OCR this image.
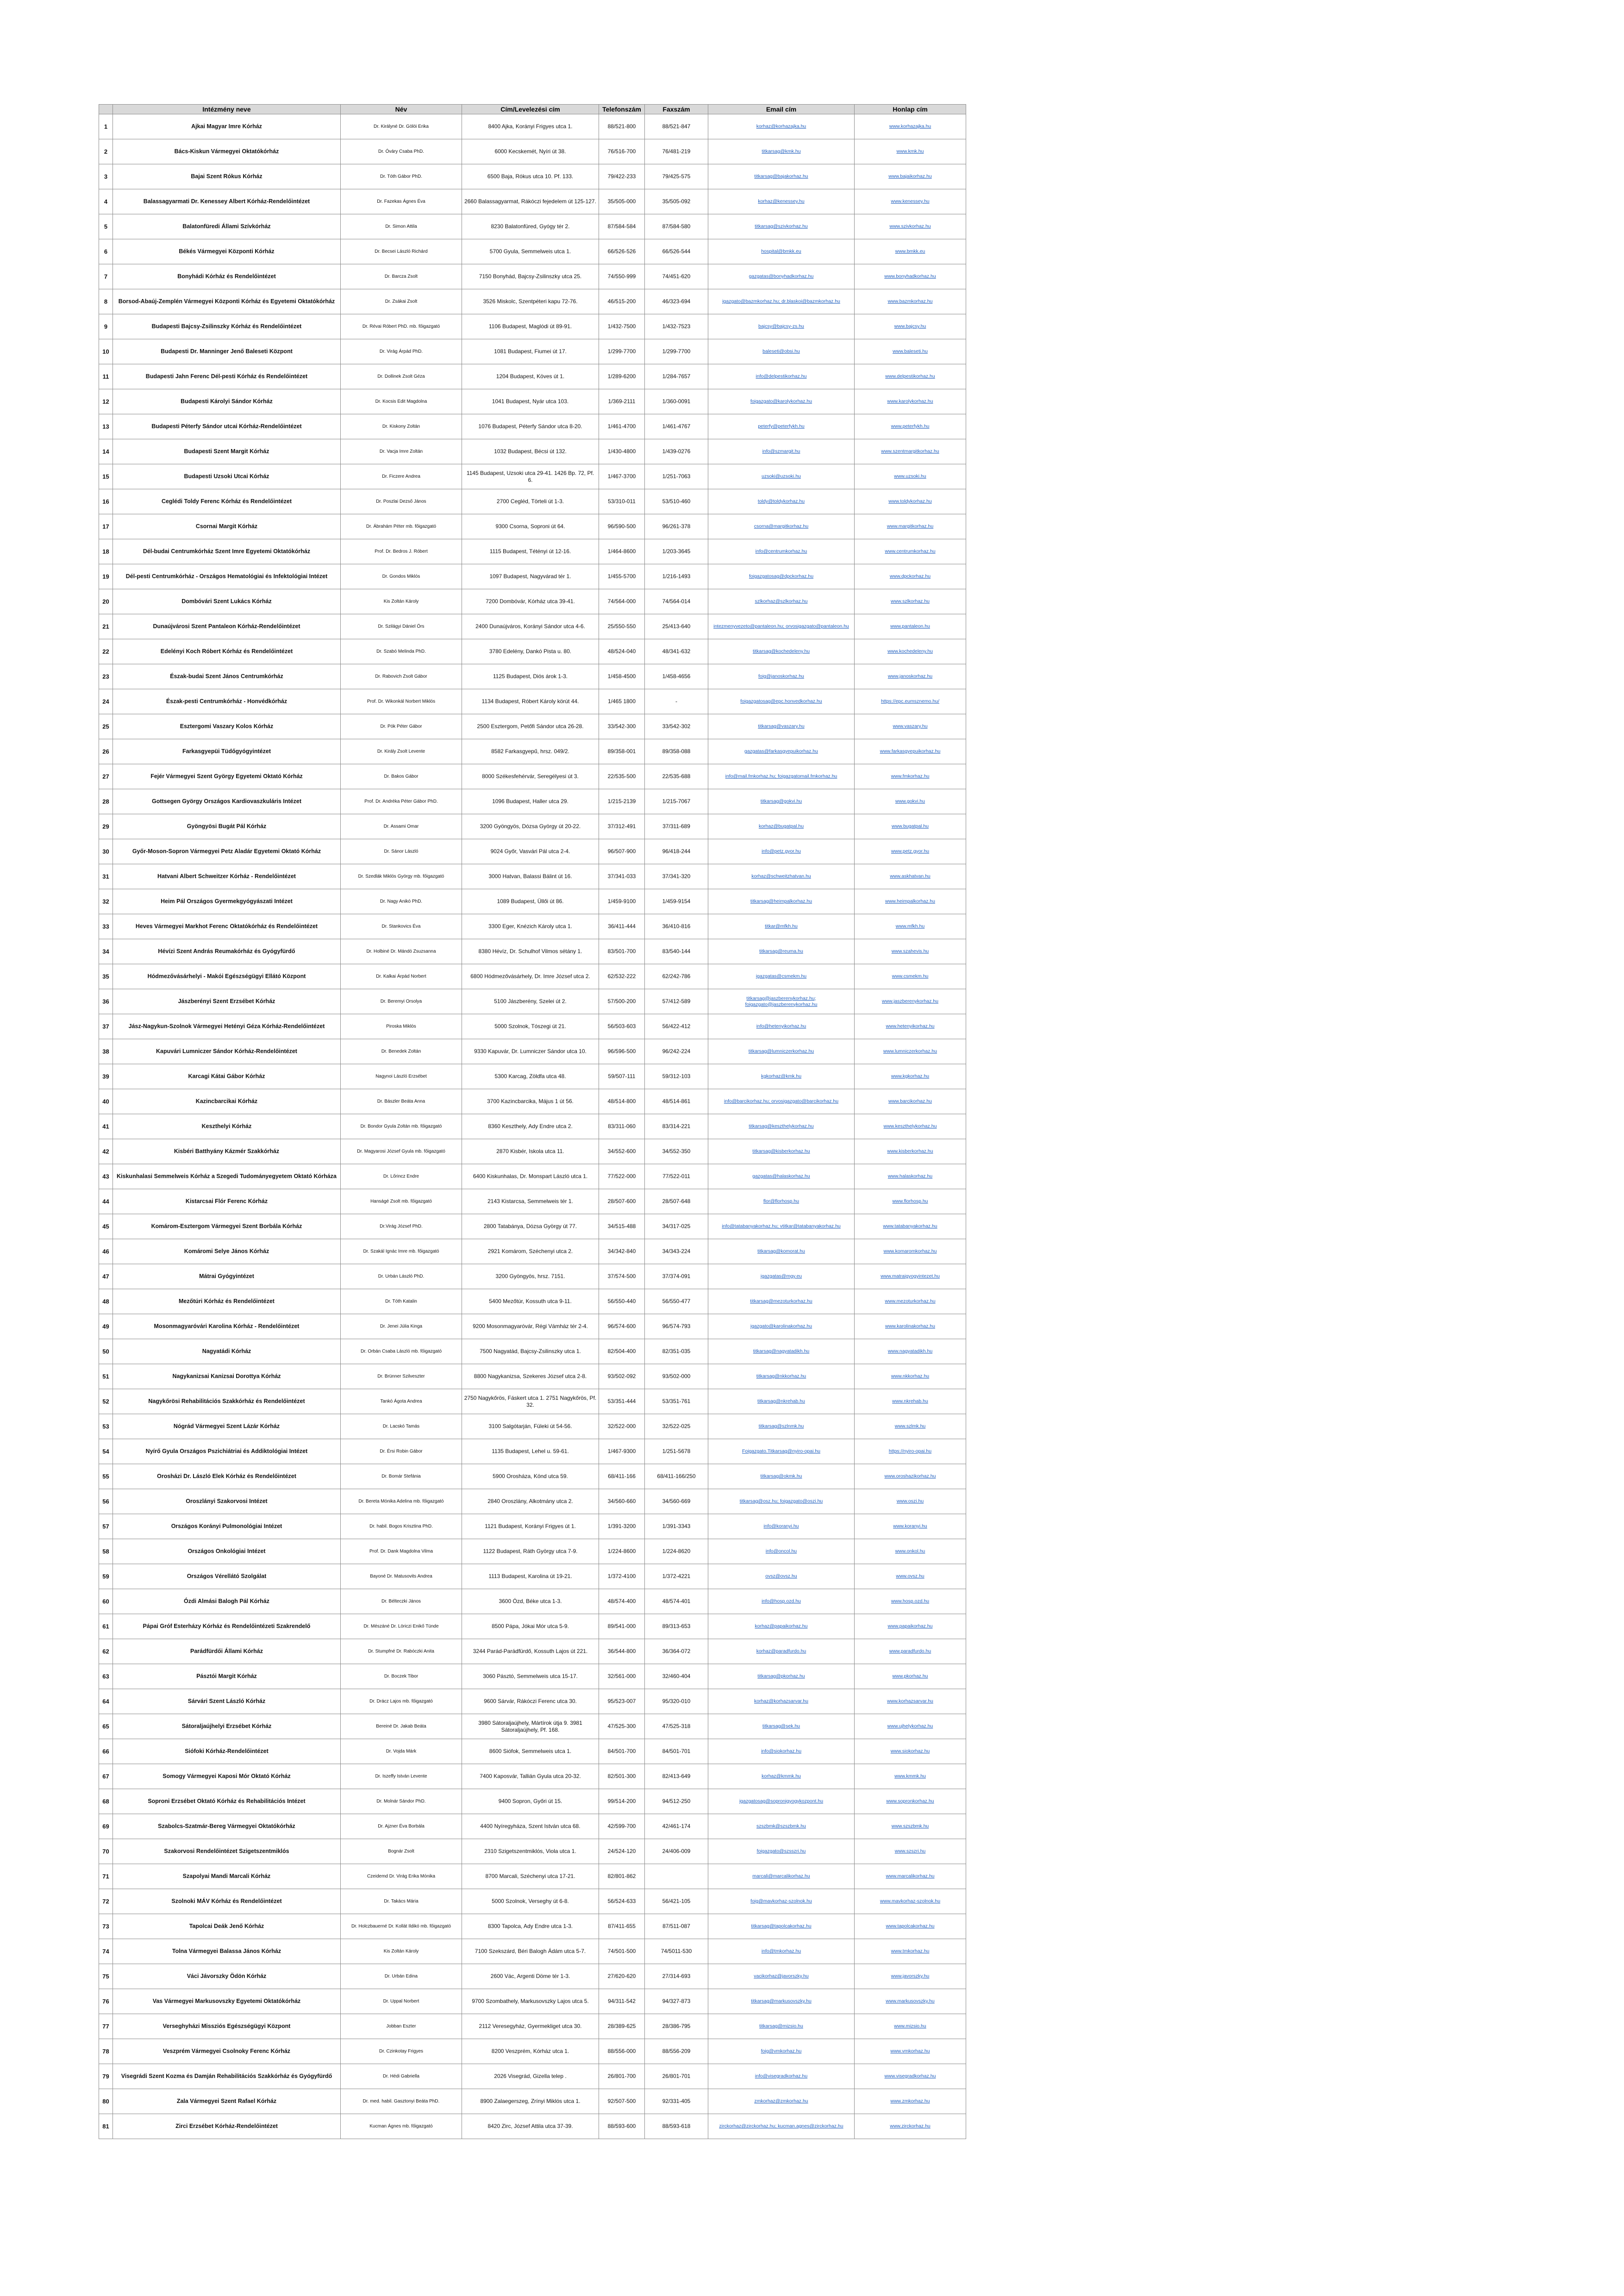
	Intézmény neve	Név	Cím/Levelezési cím	Telefonszám	Faxszám	Email cím	Honlap cím
1	Ajkai Magyar Imre Kórház	Dr. Királyné Dr. Gölöi Erika	8400 Ajka, Korányi Frigyes utca 1.	88/521-800	88/521-847	korhaz@korhazajka.hu	www.korhazajka.hu
2	Bács-Kiskun Vármegyei Oktatókórház	Dr. Óváry Csaba PhD.	6000 Kecskemét, Nyíri út 38.	76/516-700	76/481-219	titkarsag@kmk.hu	www.kmk.hu
3	Bajai Szent Rókus Kórház	Dr. Tóth Gábor PhD.	6500 Baja, Rókus utca 10. Pf. 133.	79/422-233	79/425-575	titkarsag@bajakorhaz.hu	www.bajaikorhaz.hu
4	Balassagyarmati Dr. Kenessey Albert Kórház-Rendelőintézet	Dr. Fazekas Ágnes Éva	2660 Balassagyarmat, Rákóczi fejedelem út 125-127.	35/505-000	35/505-092	korhaz@kenessey.hu	www.kenessey.hu
5	Balatonfüredi Állami Szívkórház	Dr. Simon Attila	8230 Balatonfüred, Gyógy tér 2.	87/584-584	87/584-580	titkarsag@szivkorhaz.hu	www.szivkorhaz.hu
6	Békés Vármegyei Központi Kórház	Dr. Becsei László Richárd	5700 Gyula, Semmelweis utca 1.	66/526-526	66/526-544	hospital@bmkk.eu	www.bmkk.eu
7	Bonyhádi Kórház és Rendelőintézet	Dr. Barcza Zsolt	7150 Bonyhád, Bajcsy-Zsilinszky utca 25.	74/550-999	74/451-620	gazgatas@bonyhadkorhaz.hu	www.bonyhadkorhaz.hu
8	Borsod-Abaúj-Zemplén Vármegyei Központi Kórház és Egyetemi Oktatókórház	Dr. Zsákai Zsolt	3526 Miskolc, Szentpéteri kapu 72-76.	46/515-200	46/323-694	igazgato@bazmkorhaz.hu; dr.blaskoi@bazmkorhaz.hu	www.bazmkorhaz.hu
9	Budapesti Bajcsy-Zsilinszky Kórház és Rendelőintézet	Dr. Révai Róbert PhD. mb. főigazgató	1106 Budapest, Maglódi út 89-91.	1/432-7500	1/432-7523	bajcsy@bajcsy-zs.hu	www.bajcsy.hu
10	Budapesti Dr. Manninger Jenő Baleseti Központ	Dr. Virág Árpád PhD.	1081 Budapest, Fiumei út 17.	1/299-7700	1/299-7700	baleseti@obsi.hu	www.baleseti.hu
11	Budapesti Jahn Ferenc Dél-pesti Kórház és Rendelőintézet	Dr. Dollinek Zsolt Géza	1204 Budapest, Köves út 1.	1/289-6200	1/284-7657	info@delpestikorhaz.hu	www.delpestikorhaz.hu
12	Budapesti Károlyi Sándor Kórház	Dr. Kocsis Edit Magdolna	1041 Budapest, Nyár utca 103.	1/369-2111	1/360-0091	foigazgato@karolykorhaz.hu	www.karolykorhaz.hu
13	Budapesti Péterfy Sándor utcai Kórház-Rendelőintézet	Dr. Kiskony Zoltán	1076 Budapest, Péterfy Sándor utca 8-20.	1/461-4700	1/461-4767	peterfy@peterfykh.hu	www.peterfykh.hu
14	Budapesti Szent Margit Kórház	Dr. Vacja Imre Zoltán	1032 Budapest, Bécsi út 132.	1/430-4800	1/439-0276	info@szmargit.hu	www.szentmargitkorhaz.hu
15	Budapesti Uzsoki Utcai Kórház	Dr. Ficzere Andrea	1145 Budapest, Uzsoki utca 29-41. 1426 Bp. 72, Pf. 6.	1/467-3700	1/251-7063	uzsoki@uzsoki.hu	www.uzsoki.hu
16	Ceglédi Toldy Ferenc Kórház és Rendelőintézet	Dr. Poszlai Dezső János	2700 Cegléd, Törteli út 1-3.	53/310-011	53/510-460	toldy@toldykorhaz.hu	www.toldykorhaz.hu
17	Csornai Margit Kórház	Dr. Ábrahám Péter mb. főigazgató	9300 Csorna, Soproni út 64.	96/590-500	96/261-378	csorna@margitkorhaz.hu	www.margitkorhaz.hu
18	Dél-budai Centrumkórház Szent Imre Egyetemi Oktatókórház	Prof. Dr. Bedros J. Róbert	1115 Budapest, Tétényi út 12-16.	1/464-8600	1/203-3645	info@centrumkorhaz.hu	www.centrumkorhaz.hu
19	Dél-pesti Centrumkórház - Országos Hematológiai és Infektológiai Intézet	Dr. Gondos Miklós	1097 Budapest, Nagyvárad tér 1.	1/455-5700	1/216-1493	foigazgatosag@dpckorhaz.hu	www.dpckorhaz.hu
20	Dombóvári Szent Lukács Kórház	Kis Zoltán Károly	7200 Dombóvár, Kórház utca 39-41.	74/564-000	74/564-014	szlkorhaz@szlkorhaz.hu	www.szlkorhaz.hu
21	Dunaújvárosi Szent Pantaleon Kórház-Rendelőintézet	Dr. Szilágyi Dániel Örs	2400 Dunaújváros, Korányi Sándor utca 4-6.	25/550-550	25/413-640	intezmenyvezeto@pantaleon.hu; orvosigazgato@pantaleon.hu	www.pantaleon.hu
22	Edelényi Koch Róbert Kórház és Rendelőintézet	Dr. Szabó Melinda PhD.	3780 Edelény, Dankó Pista u. 80.	48/524-040	48/341-632	titkarsag@kochedeleny.hu	www.kochedeleny.hu
23	Észak-budai Szent János Centrumkórház	Dr. Rabovich Zsolt Gábor	1125 Budapest, Diós árok 1-3.	1/458-4500	1/458-4656	foig@janoskorhaz.hu	www.janoskorhaz.hu
24	Észak-pesti Centrumkórház - Honvédkórház	Prof. Dr. Wikonkál Norbert Miklós	1134 Budapest, Róbert Károly körút 44.	1/465 1800	-	foigazgatosag@epc.honvedkorhaz.hu	https://epc.eumsznemo.hu/
25	Esztergomi Vaszary Kolos Kórház	Dr. Pók Péter Gábor	2500 Esztergom, Petőfi Sándor utca 26-28.	33/542-300	33/542-302	titkarsag@vaszary.hu	www.vaszary.hu
26	Farkasgyepüi Tüdőgyógyintézet	Dr. Király Zsolt Levente	8582 Farkasgyepű, hrsz. 049/2.	89/358-001	89/358-088	gazgatas@farkasgyepuikorhaz.hu	www.farkasgyepuikorhaz.hu
27	Fejér Vármegyei Szent György Egyetemi Oktató Kórház	Dr. Bakos Gábor	8000 Székesfehérvár, Seregélyesi út 3.	22/535-500	22/535-688	info@mail.fmkorhaz.hu; foigazgatomail.fmkorhaz.hu	www.fmkorhaz.hu
28	Gottsegen György Országos Kardiovaszkuláris Intézet	Prof. Dr. Andréka Péter Gábor PhD.	1096 Budapest, Haller utca 29.	1/215-2139	1/215-7067	titkarsag@gokvi.hu	www.gokvi.hu
29	Gyöngyösi Bugát Pál Kórház	Dr. Assami Omar	3200 Gyöngyös, Dózsa György út 20-22.	37/312-491	37/311-689	korhaz@bugatpal.hu	www.bugatpal.hu
30	Győr-Moson-Sopron Vármegyei Petz Aladár Egyetemi Oktató Kórház	Dr. Sánor László	9024 Győr, Vasvári Pál utca 2-4.	96/507-900	96/418-244	info@petz.gyor.hu	www.petz.gyor.hu
31	Hatvani Albert Schweitzer Kórház - Rendelőintézet	Dr. Szedlák Miklós György mb. főigazgató	3000 Hatvan, Balassi Bálint út 16.	37/341-033	37/341-320	korhaz@schweitzhatvan.hu	www.askhatvan.hu
32	Heim Pál Országos Gyermekgyógyászati Intézet	Dr. Nagy Anikó PhD.	1089 Budapest, Üllői út 86.	1/459-9100	1/459-9154	titkarsag@heimpalkorhaz.hu	www.heimpalkorhaz.hu
33	Heves Vármegyei Markhot Ferenc Oktatókórház és Rendelőintézet	Dr. Stankovics Éva	3300 Eger, Knézich Károly utca 1.	36/411-444	36/410-816	titkar@mfkh.hu	www.mfkh.hu
34	Hévízi Szent András Reumakórház és Gyógyfürdő	Dr. Holbiné Dr. Mándó Zsuzsanna	8380 Hévíz, Dr. Schulhof Vilmos sétány 1.	83/501-700	83/540-144	titkarsag@reuma.hu	www.szahevis.hu
35	Hódmezővásárhelyi - Makói Egészségügyi Ellátó Központ	Dr. Kalkai Árpád Norbert	6800 Hódmezővásárhely, Dr. Imre József utca 2.	62/532-222	62/242-786	igazgatas@csmekm.hu	www.csmekm.hu
36	Jászberényi Szent Erzsébet Kórház	Dr. Beremyi Orsolya	5100 Jászberény, Szelei út 2.	57/500-200	57/412-589	titkarsag@jaszberenykorhaz.hu; foigazgato@jaszberenykorhaz.hu	www.jaszberenykorhaz.hu
37	Jász-Nagykun-Szolnok Vármegyei Hetényi Géza Kórház-Rendelőintézet	Piroska Miklós	5000 Szolnok, Tószegi út 21.	56/503-603	56/422-412	info@hetenyikorhaz.hu	www.hetenyikorhaz.hu
38	Kapuvári Lumniczer Sándor Kórház-Rendelőintézet	Dr. Benedek Zoltán	9330 Kapuvár, Dr. Lumniczer Sándor utca 10.	96/596-500	96/242-224	titkarsag@lumniczerkorhaz.hu	www.lumniczerkorhaz.hu
39	Karcagi Kátai Gábor Kórház	Nagynoi László Erzsébet	5300 Karcag, Zöldfa utca 48.	59/507-111	59/312-103	kgkorhaz@kmk.hu	www.kgkorhaz.hu
40	Kazincbarcikai Kórház	Dr. Bászler Beáta Anna	3700 Kazincbarcika, Május 1 út 56.	48/514-800	48/514-861	info@barcikorhaz.hu; orvosigazgato@barcikorhaz.hu	www.barcikorhaz.hu
41	Keszthelyi Kórház	Dr. Bondor Gyula Zoltán mb. főigazgató	8360 Keszthely, Ady Endre utca 2.	83/311-060	83/314-221	titkarsag@keszthelykorhaz.hu	www.keszthelykorhaz.hu
42	Kisbéri Batthyány Kázmér Szakkórház	Dr. Magyarosi József Gyula mb. főigazgató	2870 Kisbér, Iskola utca 11.	34/552-600	34/552-350	titkarsag@kisberkorhaz.hu	www.kisberkorhaz.hu
43	Kiskunhalasi Semmelweis Kórház a Szegedi Tudományegyetem Oktató Kórháza	Dr. Lőrincz Endre	6400 Kiskunhalas, Dr. Monspart László utca 1.	77/522-000	77/522-011	gazgatas@halaskorhaz.hu	www.halaskorhaz.hu
44	Kistarcsai Flór Ferenc Kórház	Hanságé Zsolt mb. főigazgató	2143 Kistarcsa, Semmelweis tér 1.	28/507-600	28/507-648	flor@florhosp.hu	www.florhosp.hu
45	Komárom-Esztergom Vármegyei Szent Borbála Kórház	Dr.Virág József PhD.	2800 Tatabánya, Dózsa György út 77.	34/515-488	34/317-025	info@tatabanyakorhaz.hu; vtitkar@tatabanyakorhaz.hu	www.tatabanyakorhaz.hu
46	Komáromi Selye János Kórház	Dr. Szakál Ignác Imre mb. főigazgató	2921 Komárom, Széchenyi utca 2.	34/342-840	34/343-224	titkarsag@komorat.hu	www.komaromkorhaz.hu
47	Mátrai Gyógyintézet	Dr. Urbán László PhD.	3200 Gyöngyös, hrsz. 7151.	37/574-500	37/374-091	igazgatas@mgy.eu	www.matraigyogyintezet.hu
48	Mezőtúri Kórház és Rendelőintézet	Dr. Tóth Katalin	5400 Mezőtúr, Kossuth utca 9-11.	56/550-440	56/550-477	titkarsag@mezoturkorhaz.hu	www.mezoturkorhaz.hu
49	Mosonmagyaróvári Karolina Kórház - Rendelőintézet	Dr. Jenei Júlia Kinga	9200 Mosonmagyaróvár, Régi Vámház tér 2-4.	96/574-600	96/574-793	igazgato@karolinakorhaz.hu	www.karolinakorhaz.hu
50	Nagyatádi Kórház	Dr. Orbán Csaba László mb. főigazgató	7500 Nagyatád, Bajcsy-Zsilinszky utca 1.	82/504-400	82/351-035	titkarsag@nagyatadikh.hu	www.nagyatadikh.hu
51	Nagykanizsai Kanizsai Dorottya Kórház	Dr. Brünner Szilveszter	8800 Nagykanizsa, Szekeres József utca 2-8.	93/502-092	93/502-000	titkarsag@nkkorhaz.hu	www.nkkorhaz.hu
52	Nagykőrösi Rehabilitációs Szakkórház és Rendelőintézet	Tankó Ágota Andrea	2750 Nagykőrös, Fáskert utca 1. 2751 Nagykőrös, Pf. 32.	53/351-444	53/351-761	titkarsag@nkrehab.hu	www.nkrehab.hu
53	Nógrád Vármegyei Szent Lázár Kórház	Dr. Lacskó Tamás	3100 Salgótarján, Füleki út 54-56.	32/522-000	32/522-025	titkarsag@szlnmk.hu	www.szlmk.hu
54	Nyírő Gyula Országos Pszichiátriai és Addiktológiai Intézet	Dr. Érsi Robin Gábor	1135 Budapest, Lehel u. 59-61.	1/467-9300	1/251-5678	Foigazgato.Titkarsag@nyiro-opai.hu	https://nyiro-opai.hu
55	Orosházi Dr. László Elek Kórház és Rendelőintézet	Dr. Bomár Stefánia	5900 Orosháza, Könd utca 59.	68/411-166	68/411-166/250	titkarsag@okmk.hu	www.oroshazikorhaz.hu
56	Oroszlányi Szakorvosi Intézet	Dr. Bereta Mónika Adelina mb. főigazgató	2840 Oroszlány, Alkotmány utca 2.	34/560-660	34/560-669	titkarsag@osz.hu; foigazgato@oszi.hu	www.oszi.hu
57	Országos Korányi Pulmonológiai Intézet	Dr. habil. Bogos Krisztina PhD.	1121 Budapest, Korányi Frigyes út 1.	1/391-3200	1/391-3343	info@koranyi.hu	www.koranyi.hu
58	Országos Onkológiai Intézet	Prof. Dr. Dank Magdolna Vilma	1122 Budapest, Ráth György utca 7-9.	1/224-8600	1/224-8620	info@oncol.hu	www.onkol.hu
59	Országos Vérellátó Szolgálat	Bayoné Dr. Matusovits Andrea	1113 Budapest, Karolina út 19-21.	1/372-4100	1/372-4221	ovsz@ovsz.hu	www.ovsz.hu
60	Ózdi Almási Balogh Pál Kórház	Dr. Bélteczki János	3600 Ózd, Béke utca 1-3.	48/574-400	48/574-401	info@hosp.ozd.hu	www.hosp.ozd.hu
61	Pápai Gróf Esterházy Kórház és Rendelőintézeti Szakrendelő	Dr. Mészáné Dr. Löriczi Enikő Tünde	8500 Pápa, Jókai Mór utca 5-9.	89/541-000	89/313-653	korhaz@papaikorhaz.hu	www.papaikorhaz.hu
62	Parádfürdői Állami Kórház	Dr. Stumpfné Dr. Rabóczki Anita	3244 Parád-Parádfürdő, Kossuth Lajos út 221.	36/544-800	36/364-072	korhaz@paradfurdo.hu	www.paradfurdo.hu
63	Pásztói Margit Kórház	Dr. Boczek Tibor	3060 Pásztó, Semmelweis utca 15-17.	32/561-000	32/460-404	titkarsag@pkorhaz.hu	www.pkorhaz.hu
64	Sárvári Szent László Kórház	Dr. Drácz Lajos mb. főigazgató	9600 Sárvár, Rákóczi Ferenc utca 30.	95/523-007	95/320-010	korhaz@korhazsarvar.hu	www.korhazsarvar.hu
65	Sátoraljaújhelyi Erzsébet Kórház	Bereiné Dr. Jakab Beáta	3980 Sátoraljaújhely, Mártírok útja 9. 3981 Sátoraljaújhely, Pf. 168.	47/525-300	47/525-318	titkarsag@sek.hu	www.ujhelykorhaz.hu
66	Siófoki Kórház-Rendelőintézet	Dr. Vojda Márk	8600 Siófok, Semmelweis utca 1.	84/501-700	84/501-701	info@siokorhaz.hu	www.siokorhaz.hu
67	Somogy Vármegyei Kaposi Mór Oktató Kórház	Dr. Iszeffy István Levente	7400 Kaposvár, Tallián Gyula utca 20-32.	82/501-300	82/413-649	korhaz@kmmk.hu	www.kmmk.hu
68	Soproni Erzsébet Oktató Kórház és Rehabilitációs Intézet	Dr. Molnár Sándor PhD.	9400 Sopron, Győri út 15.	99/514-200	94/512-250	igazgatosag@sopronigyogykozpont.hu	www.sopronkorhaz.hu
69	Szabolcs-Szatmár-Bereg Vármegyei Oktatókórház	Dr. Ajzner Éva Borbála	4400 Nyíregyháza, Szent István utca 68.	42/599-700	42/461-174	szszbmk@szszbmk.hu	www.szszbmk.hu
70	Szakorvosi Rendelőintézet Szigetszentmiklós	Bognár Zsolt	2310 Szigetszentmiklós, Viola utca 1.	24/524-120	24/406-009	foigazgato@szsszri.hu	www.szszri.hu
71	Szapolyai Mandi Marcali Kórház	Czeidemd Dr. Virág Erika Mónika	8700 Marcali, Széchenyi utca 17-21.	82/801-862		marcali@marcalikorhaz.hu	www.marcalikorhaz.hu
72	Szolnoki MÁV Kórház és Rendelőintézet	Dr. Takács Mária	5000 Szolnok, Verseghy út 6-8.	56/524-633	56/421-105	foig@mavkorhaz-szolnok.hu	www.mavkorhaz-szolnok.hu
73	Tapolcai Deák Jenő Kórház	Dr. Holczbauerné Dr. Kollát Ildikó mb. főigazgató	8300 Tapolca, Ady Endre utca 1-3.	87/411-655	87/511-087	titkarsag@tapolcakorhaz.hu	www.tapolcakorhaz.hu
74	Tolna Vármegyei Balassa János Kórház	Kis Zoltán Károly	7100 Szekszárd, Béri Balogh Ádám utca 5-7.	74/501-500	74/5011-530	info@tmkorhaz.hu	www.tmkorhaz.hu
75	Váci Jávorszky Ödön Kórház	Dr. Urbán Edina	2600 Vác, Argenti Döme tér 1-3.	27/620-620	27/314-693	vacikorhaz@javorszky.hu	www.javorszky.hu
76	Vas Vármegyei Markusovszky Egyetemi Oktatókórház	Dr. Uppal Norbert	9700 Szombathely, Markusovszky Lajos utca 5.	94/311-542	94/327-873	titkarsag@markusovszky.hu	www.markusovszky.hu
77	Verseghyházi Missziós Egészségügyi Központ	Jobban Eszter	2112 Veresegyház, Gyermekliget utca 30.	28/389-625	28/386-795	titkarsag@mizsio.hu	www.mizsio.hu
78	Veszprém Vármegyei Csolnoky Ferenc Kórház	Dr. Czinkotay Frigyes	8200 Veszprém, Kórház utca 1.	88/556-000	88/556-209	foig@vmkorhaz.hu	www.vmkorhaz.hu
79	Visegrádi Szent Kozma és Damján Rehabilitációs Szakkórház és Gyógyfürdő	Dr. Hédi Gabriella	2026 Visegrád, Gizella telep .	26/801-700	26/801-701	info@visegradkorhaz.hu	www.visegradkorhaz.hu
80	Zala Vármegyei Szent Rafael Kórház	Dr. med. habil. Gasztonyi Beáta PhD.	8900 Zalaegerszeg, Zrínyi Miklós utca 1.	92/507-500	92/331-405	zmkorhaz@zmkorhaz.hu	www.zmkorhaz.hu
81	Zirci Erzsébet Kórház-Rendelőintézet	Kucman Ágnes mb. főigazgató	8420 Zirc, József Attila utca 37-39.	88/593-600	88/593-618	zirckorhaz@zirckorhaz.hu; kucman.agnes@zirckorhaz.hu	www.zirckorhaz.hu
